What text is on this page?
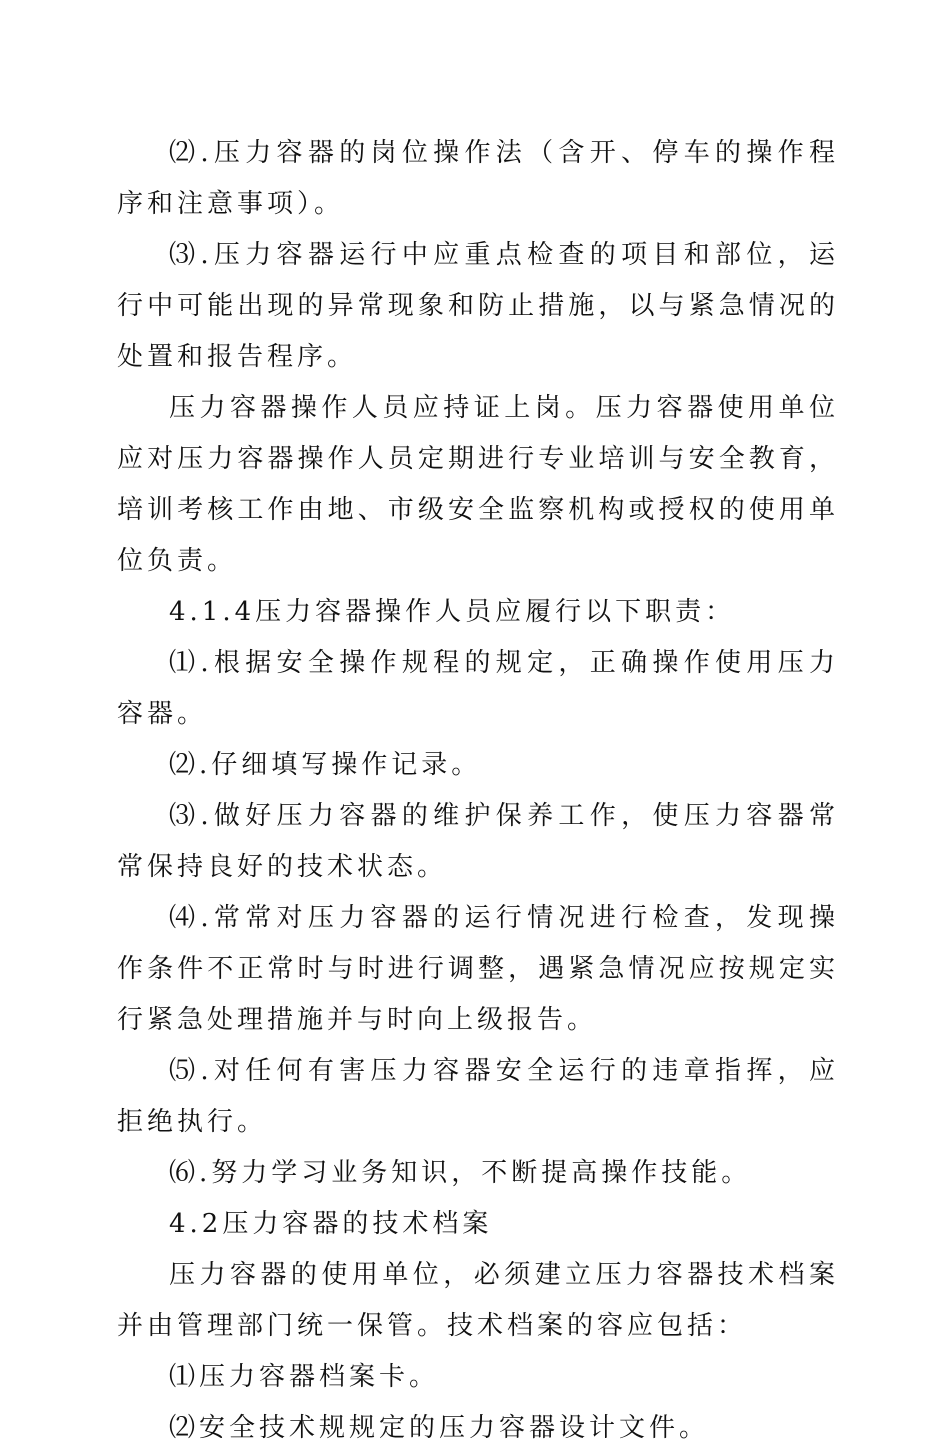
⑵.压力容器的岗位操作法（含开、停车的操作程序和注意事项）。

⑶.压力容器运行中应重点检查的项目和部位，运行中可能出现的异常现象和防止措施，以与紧急情况的处置和报告程序。

压力容器操作人员应持证上岗。压力容器使用单位应对压力容器操作人员定期进行专业培训与安全教育，培训考核工作由地、市级安全监察机构或授权的使用单位负责。

4.1.4压力容器操作人员应履行以下职责：

⑴.根据安全操作规程的规定，正确操作使用压力容器。

⑵.仔细填写操作记录。

⑶.做好压力容器的维护保养工作，使压力容器常常保持良好的技术状态。

⑷.常常对压力容器的运行情况进行检查，发现操作条件不正常时与时进行调整，遇紧急情况应按规定实行紧急处理措施并与时向上级报告。

⑸.对任何有害压力容器安全运行的违章指挥，应拒绝执行。

⑹.努力学习业务知识，不断提高操作技能。

4.2压力容器的技术档案

压力容器的使用单位，必须建立压力容器技术档案并由管理部门统一保管。技术档案的容应包括：

⑴压力容器档案卡。

⑵安全技术规规定的压力容器设计文件。
